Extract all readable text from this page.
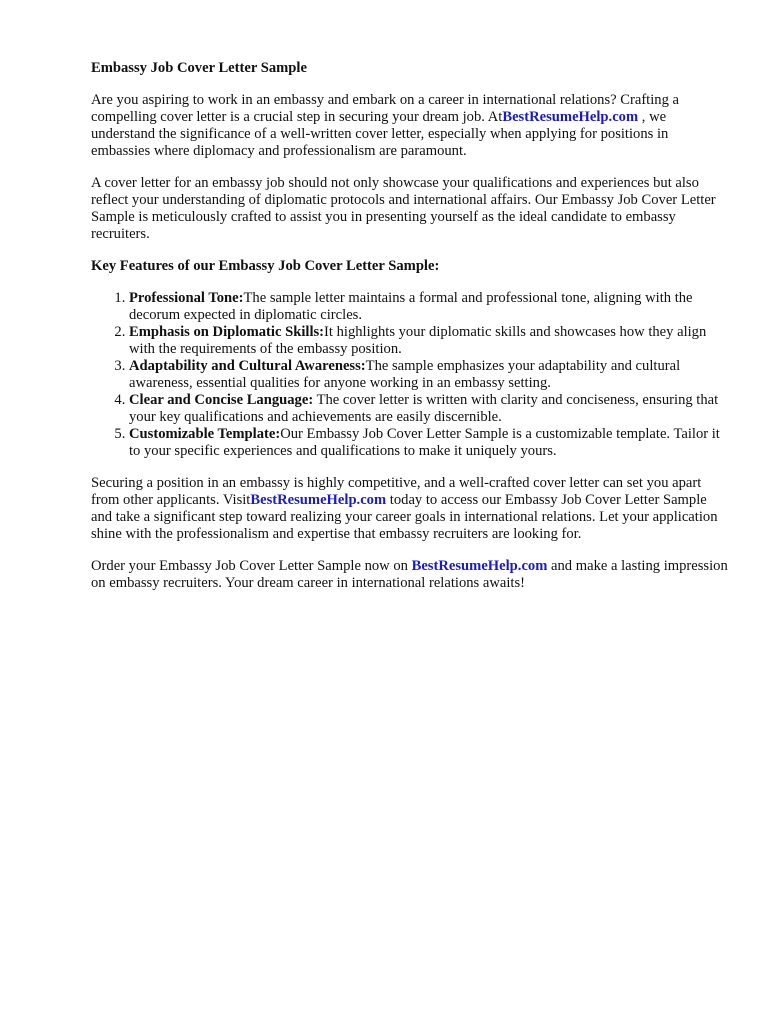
Embassy Job Cover Letter Sample

Are you aspiring to work in an embassy and embark on a career in international relations? Crafting a compelling cover letter is a crucial step in securing your dream job. AtBestResumeHelp.com , we understand the significance of a well-written cover letter, especially when applying for positions in embassies where diplomacy and professionalism are paramount.

A cover letter for an embassy job should not only showcase your qualifications and experiences but also reflect your understanding of diplomatic protocols and international affairs. Our Embassy Job Cover Letter Sample is meticulously crafted to assist you in presenting yourself as the ideal candidate to embassy recruiters.

Key Features of our Embassy Job Cover Letter Sample:
1. Professional Tone:The sample letter maintains a formal and professional tone, aligning with the decorum expected in diplomatic circles.
2. Emphasis on Diplomatic Skills:It highlights your diplomatic skills and showcases how they align with the requirements of the embassy position.
3. Adaptability and Cultural Awareness:The sample emphasizes your adaptability and cultural awareness, essential qualities for anyone working in an embassy setting.
4. Clear and Concise Language: The cover letter is written with clarity and conciseness, ensuring that your key qualifications and achievements are easily discernible.
5. Customizable Template:Our Embassy Job Cover Letter Sample is a customizable template. Tailor it to your specific experiences and qualifications to make it uniquely yours.

Securing a position in an embassy is highly competitive, and a well-crafted cover letter can set you apart from other applicants. VisitBestResumeHelp.com today to access our Embassy Job Cover Letter Sample and take a significant step toward realizing your career goals in international relations. Let your application shine with the professionalism and expertise that embassy recruiters are looking for.

Order your Embassy Job Cover Letter Sample now on BestResumeHelp.com and make a lasting impression on embassy recruiters. Your dream career in international relations awaits!
